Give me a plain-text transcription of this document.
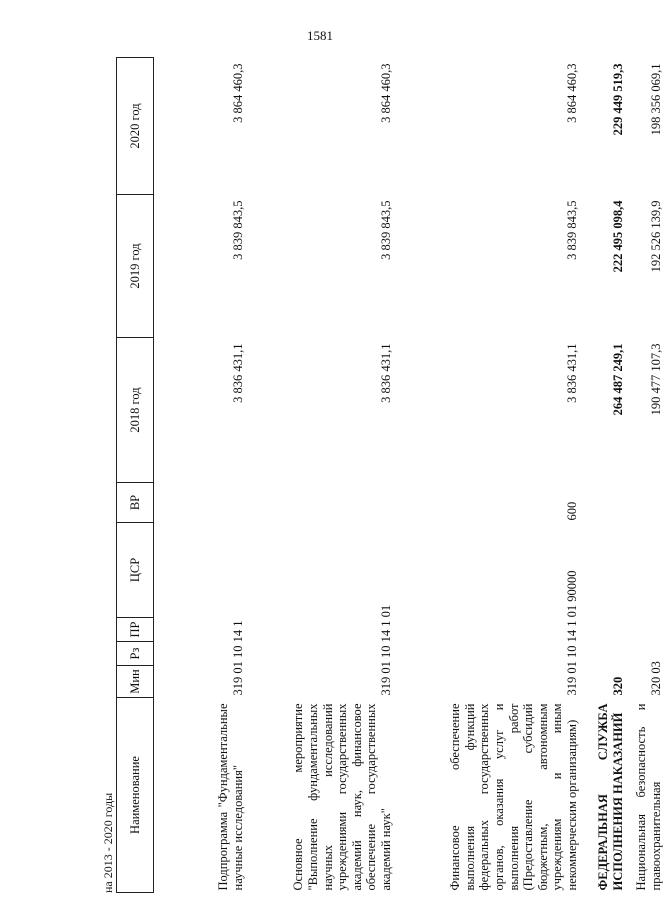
1581
на 2013 - 2020 годы Наименование	Мин	Рз	ПР	ЦСР	ВР	2018 год	2019 год	2020 год
Подпрограмма "Фундаментальные научные исследования"	319 01 10 14 1					3 836 431,1	3 839 843,5	3 864 460,3
Основное мероприятие "Выполнение фундаментальных научных исследований учреждениями государственных академий наук, финансовое обеспечение государственных академий наук"	319 01 10 14 1 01					3 836 431,1	3 839 843,5	3 864 460,3
Финансовое обеспечение выполнения функций федеральных государственных органов, оказания услуг и выполнения работ (Предоставление субсидий бюджетным, автономным учреждениям и иным некоммерческим организациям)	319 01 10 14 1 01 90000				600	3 836 431,1	3 839 843,5	3 864 460,3
ФЕДЕРАЛЬНАЯ СЛУЖБА ИСПОЛНЕНИЯ НАКАЗАНИЙ	320					264 487 249,1	222 495 098,4	229 449 519,3
Национальная безопасность и правоохранительная	320 03					190 477 107,3	192 526 139,9	198 356 069,1
